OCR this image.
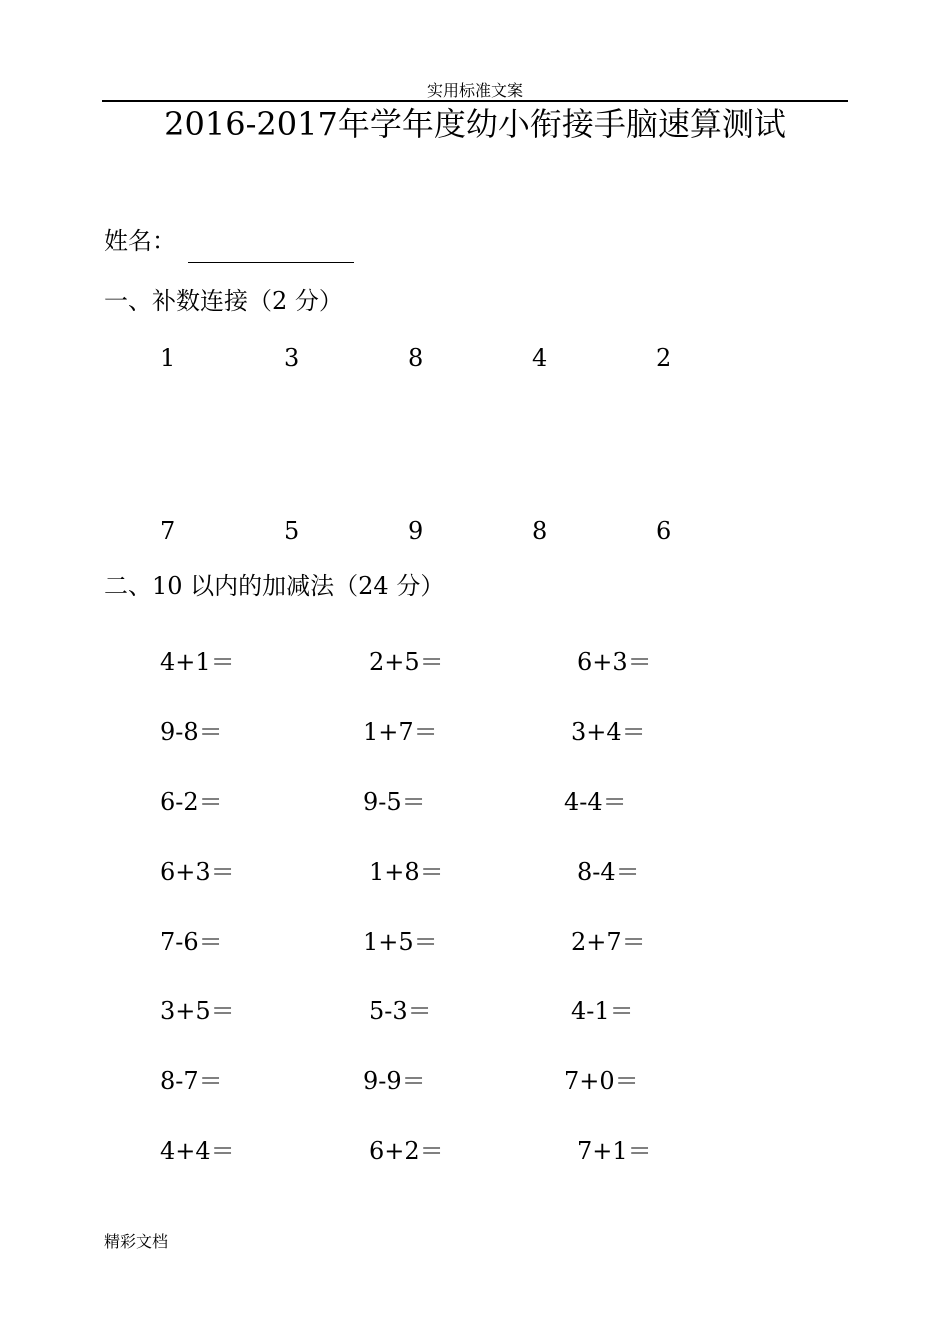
实用标准文案
2016-2017年学年度幼小衔接手脑速算测试
姓名：
一、补数连接（2 分）
1	3	8	4	2
7	5	9	8	6
二、10 以内的加减法（24 分）
4+1＝	2+5＝	6+3＝
9-8＝	1+7＝	3+4＝
6-2＝	9-5＝	4-4＝
6+3＝	1+8＝	8-4＝
7-6＝	1+5＝	2+7＝
3+5＝	5-3＝	4-1＝
8-7＝	9-9＝	7+0＝
4+4＝	6+2＝	7+1＝
精彩文档
